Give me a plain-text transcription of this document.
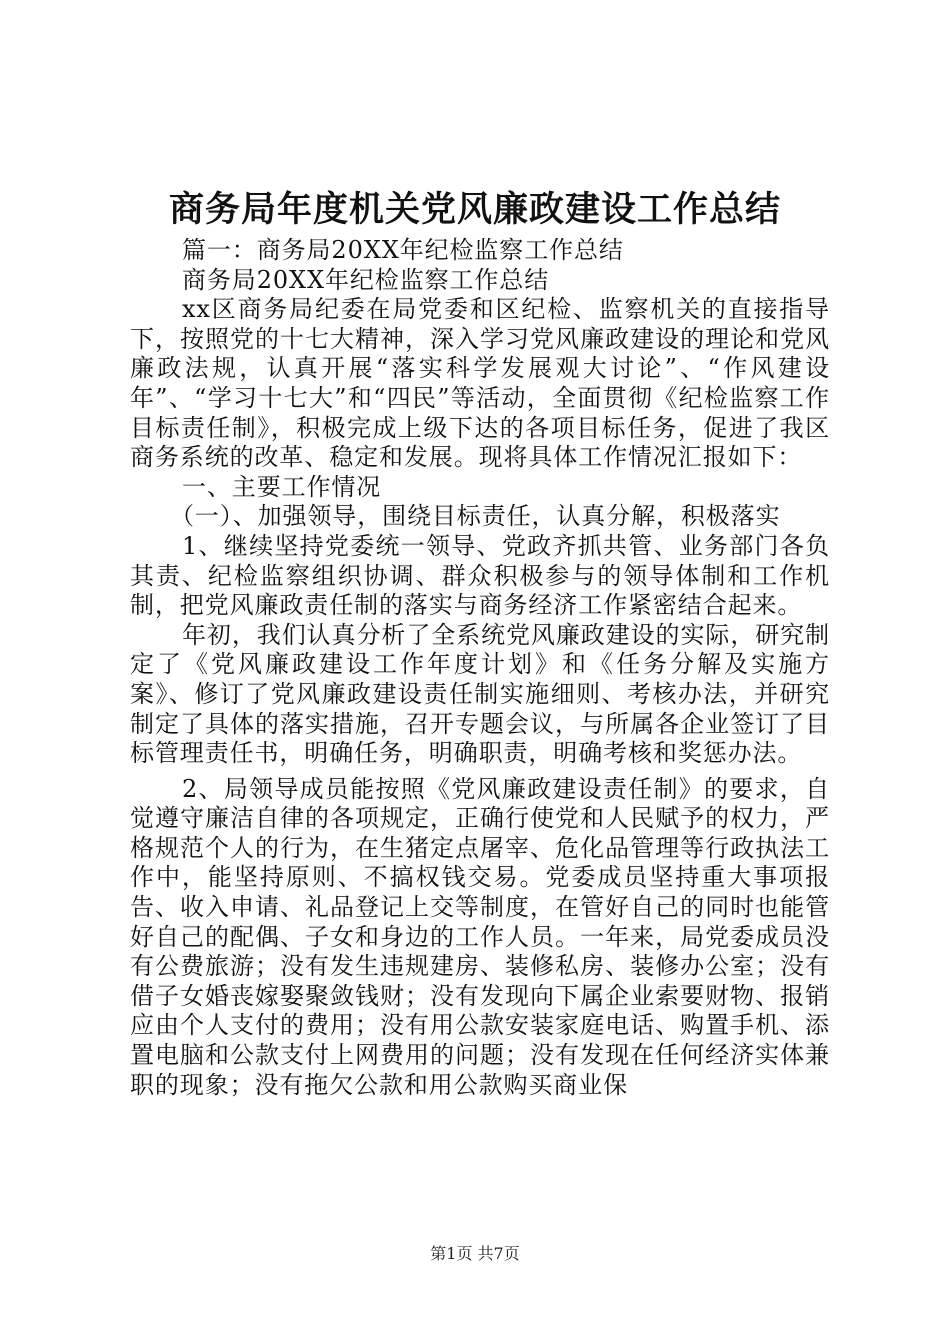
商务局年度机关党风廉政建设工作总结

篇一：商务局20XX年纪检监察工作总结

商务局20XX年纪检监察工作总结

xx区商务局纪委在局党委和区纪检、监察机关的直接指导下，按照党的十七大精神，深入学习党风廉政建设的理论和党风廉政法规，认真开展“落实科学发展观大讨论”、“作风建设年”、“学习十七大”和“四民”等活动，全面贯彻《纪检监察工作目标责任制》，积极完成上级下达的各项目标任务，促进了我区商务系统的改革、稳定和发展。现将具体工作情况汇报如下：

一、主要工作情况

（一）、加强领导，围绕目标责任，认真分解，积极落实

1、继续坚持党委统一领导、党政齐抓共管、业务部门各负其责、纪检监察组织协调、群众积极参与的领导体制和工作机制，把党风廉政责任制的落实与商务经济工作紧密结合起来。

年初，我们认真分析了全系统党风廉政建设的实际，研究制定了《党风廉政建设工作年度计划》和《任务分解及实施方案》、修订了党风廉政建设责任制实施细则、考核办法，并研究制定了具体的落实措施，召开专题会议，与所属各企业签订了目标管理责任书，明确任务，明确职责，明确考核和奖惩办法。

2、局领导成员能按照《党风廉政建设责任制》的要求，自觉遵守廉洁自律的各项规定，正确行使党和人民赋予的权力，严格规范个人的行为，在生猪定点屠宰、危化品管理等行政执法工作中，能坚持原则、不搞权钱交易。党委成员坚持重大事项报告、收入申请、礼品登记上交等制度，在管好自己的同时也能管好自己的配偶、子女和身边的工作人员。一年来，局党委成员没有公费旅游；没有发生违规建房、装修私房、装修办公室；没有借子女婚丧嫁娶聚敛钱财；没有发现向下属企业索要财物、报销应由个人支付的费用；没有用公款安装家庭电话、购置手机、添置电脑和公款支付上网费用的问题；没有发现在任何经济实体兼职的现象；没有拖欠公款和用公款购买商业保

第1页 共7页
